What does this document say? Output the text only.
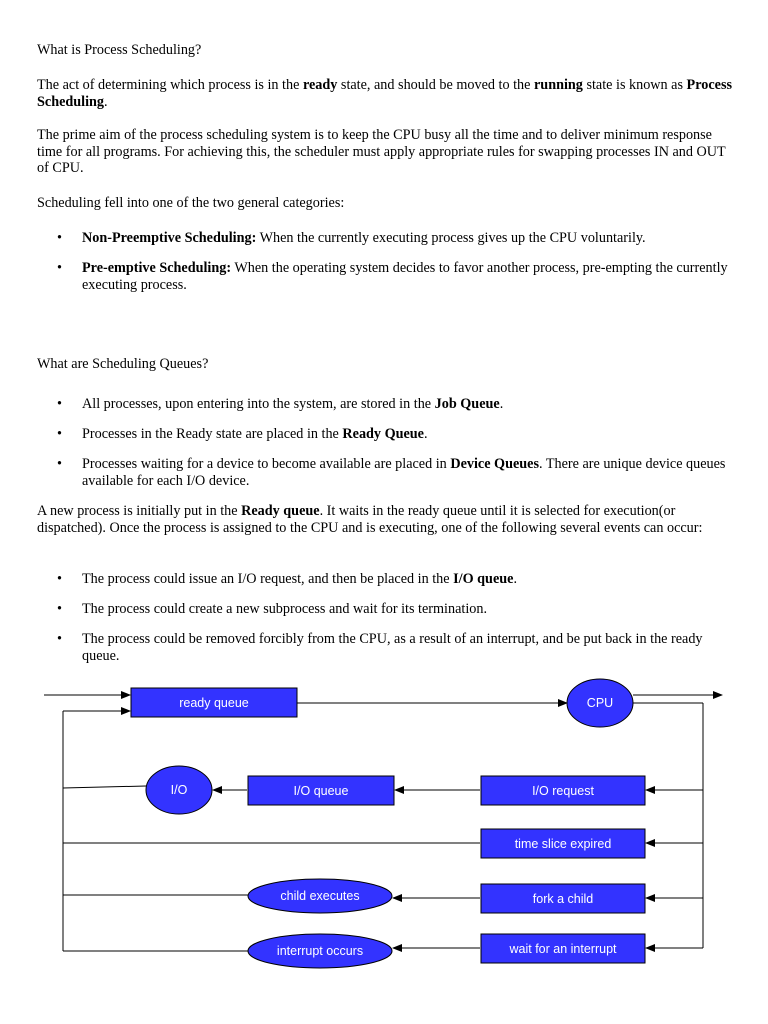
What is Process Scheduling?

The act of determining which process is in the ready state, and should be moved to the running state is known as Process Scheduling.

The prime aim of the process scheduling system is to keep the CPU busy all the time and to deliver minimum response time for all programs. For achieving this, the scheduler must apply appropriate rules for swapping processes IN and OUT of CPU.

Scheduling fell into one of the two general categories:

• Non-Preemptive Scheduling: When the currently executing process gives up the CPU voluntarily.
• Pre-emptive Scheduling: When the operating system decides to favor another process, pre-empting the currently executing process.

What are Scheduling Queues?

• All processes, upon entering into the system, are stored in the Job Queue.
• Processes in the Ready state are placed in the Ready Queue.
• Processes waiting for a device to become available are placed in Device Queues. There are unique device queues available for each I/O device.

A new process is initially put in the Ready queue. It waits in the ready queue until it is selected for execution(or dispatched). Once the process is assigned to the CPU and is executing, one of the following several events can occur:

• The process could issue an I/O request, and then be placed in the I/O queue.
• The process could create a new subprocess and wait for its termination.
• The process could be removed forcibly from the CPU, as a result of an interrupt, and be put back in the ready queue.
ready queue	CPU
I/O	I/O queue	I/O request
time slice expired
child executes	fork a child
interrupt occurs	wait for an interrupt
